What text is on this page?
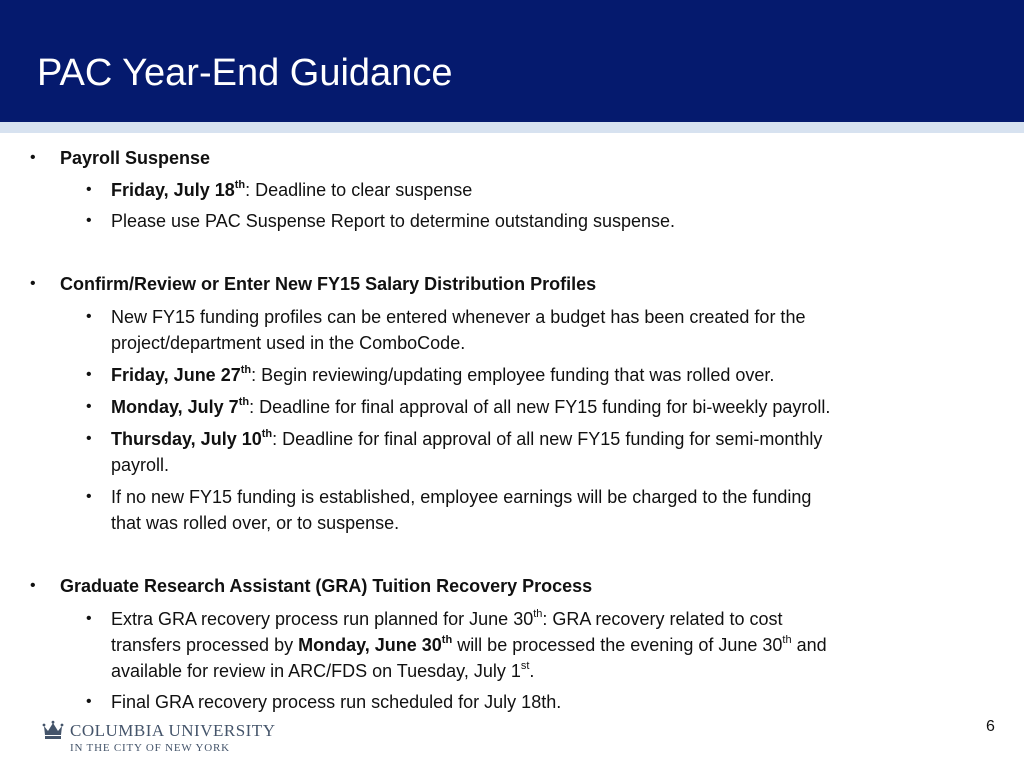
PAC Year-End Guidance
• Payroll Suspense
• Friday, July 18th: Deadline to clear suspense
• Please use PAC Suspense Report to determine outstanding suspense.
• Confirm/Review or Enter New FY15 Salary Distribution Profiles
• New FY15 funding profiles can be entered whenever a budget has been created for the
project/department used in the ComboCode.
• Friday, June 27th: Begin reviewing/updating employee funding that was rolled over.
• Monday, July 7th: Deadline for final approval of all new FY15 funding for bi-weekly payroll.
• Thursday, July 10th: Deadline for final approval of all new FY15 funding for semi-monthly
payroll.
• If no new FY15 funding is established, employee earnings will be charged to the funding
that was rolled over, or to suspense.
• Graduate Research Assistant (GRA) Tuition Recovery Process
• Extra GRA recovery process run planned for June 30th: GRA recovery related to cost
transfers processed by Monday, June 30th will be processed the evening of June 30th and
available for review in ARC/FDS on Tuesday, July 1st.
• Final GRA recovery process run scheduled for July 18th.
COLUMBIA UNIVERSITY
IN THE CITY OF NEW YORK
6
